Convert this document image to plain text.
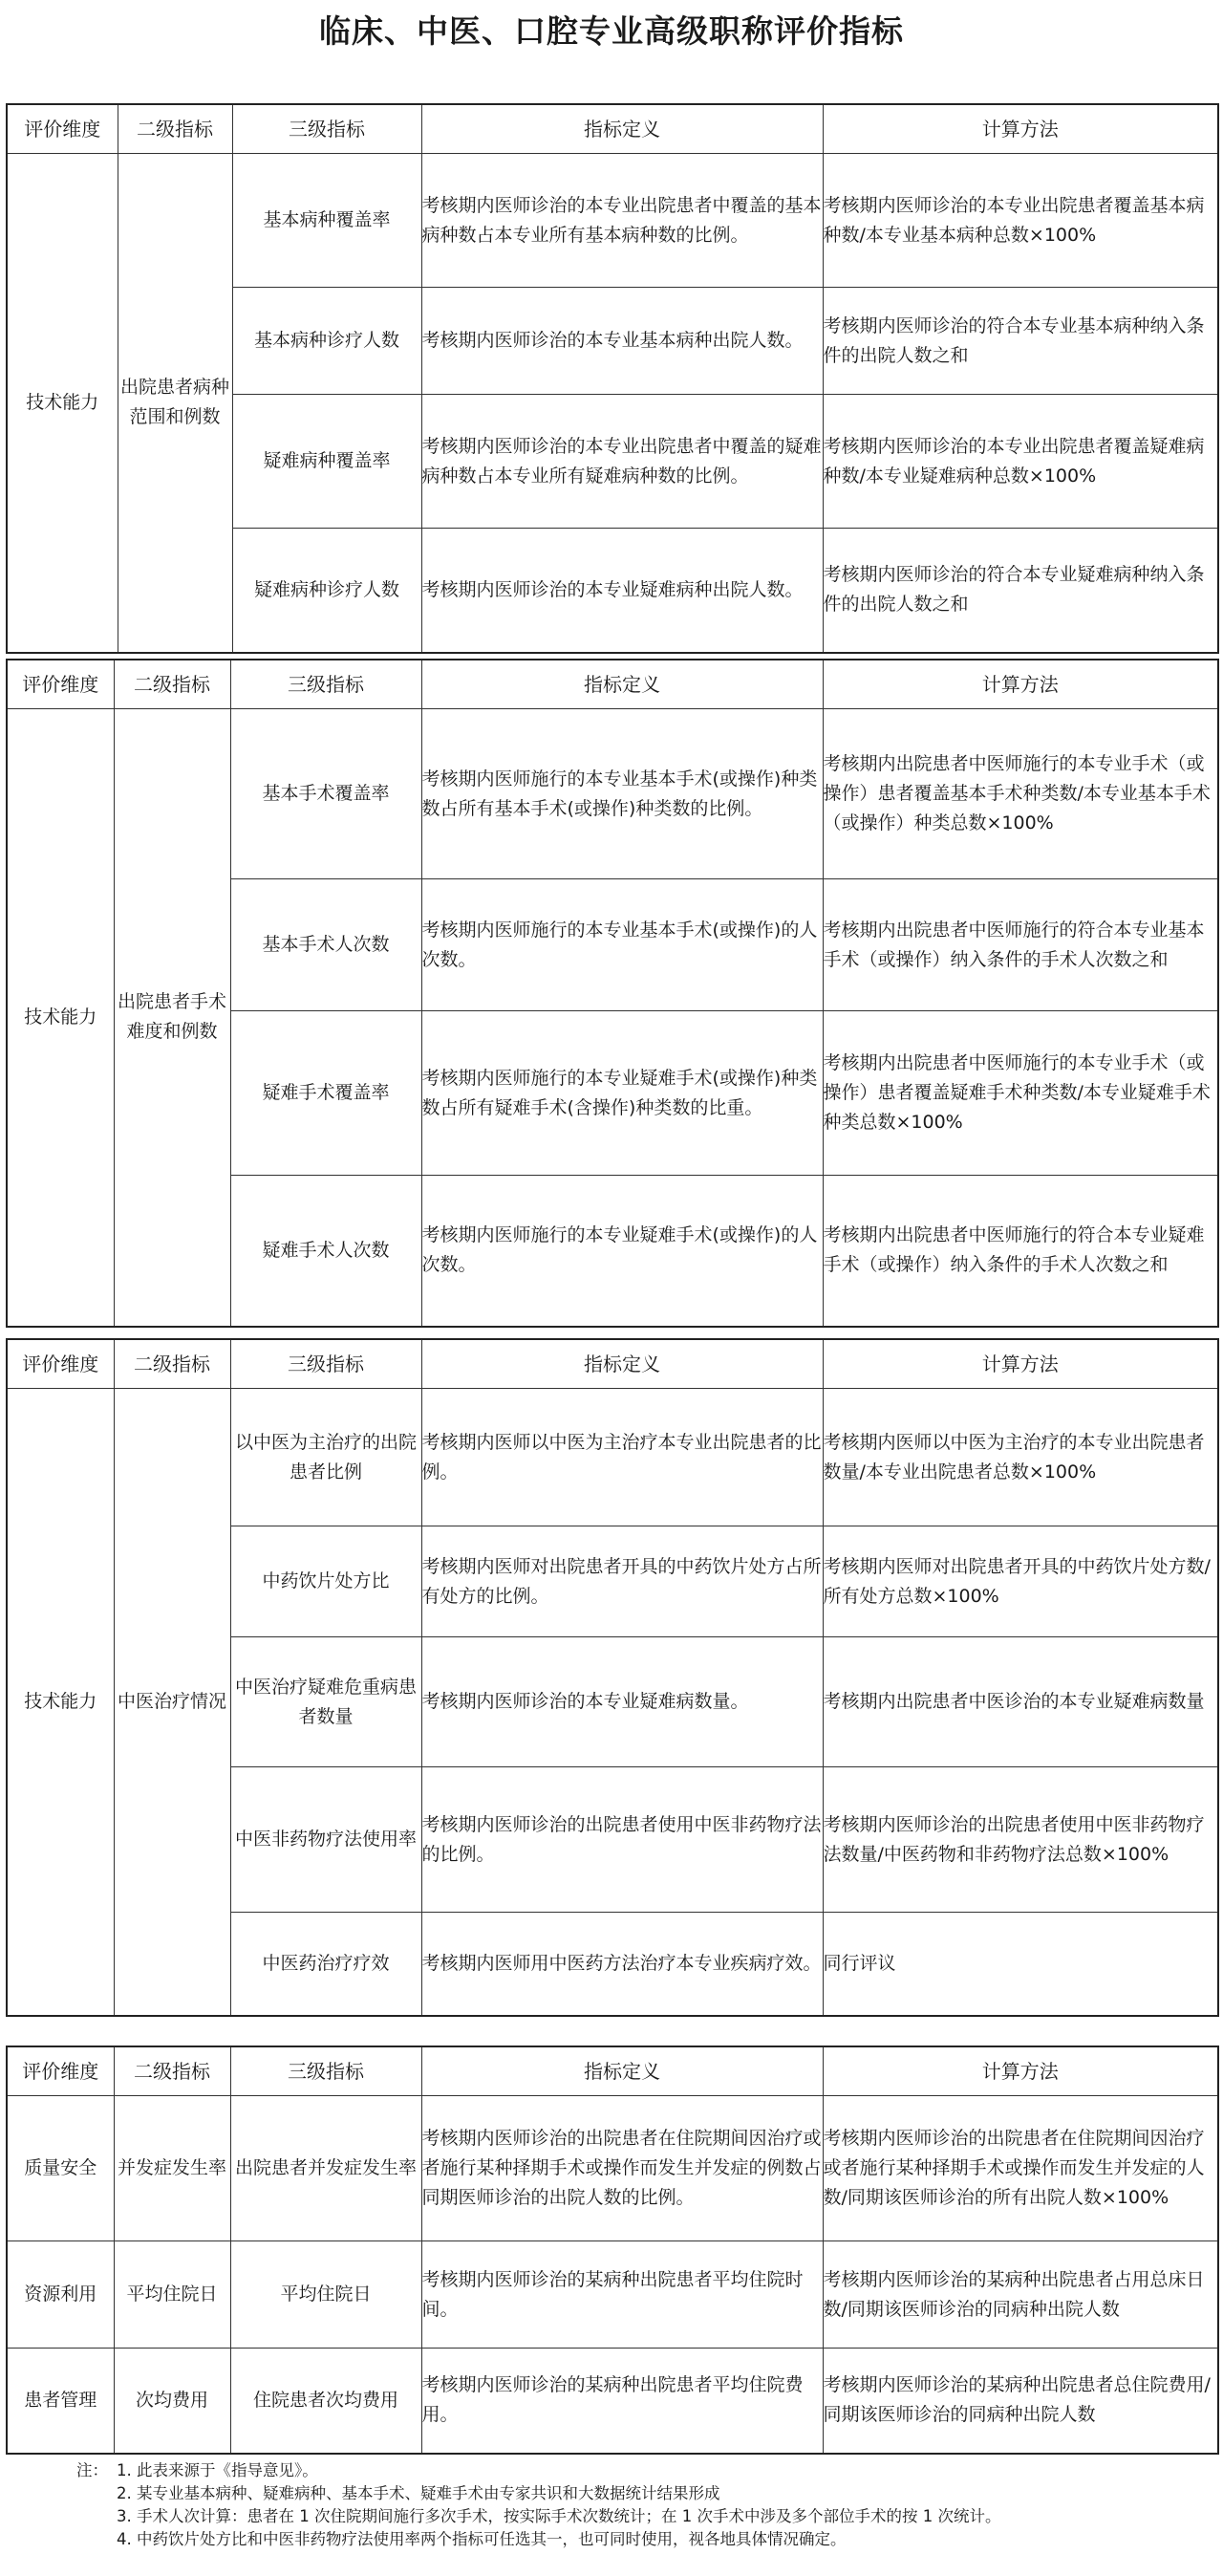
临床、中医、口腔专业高级职称评价指标
评价维度	二级指标	三级指标	指标定义	计算方法
技术能力	出院患者病种范围和例数	基本病种覆盖率	考核期内医师诊治的本专业出院患者中覆盖的基本病种数占本专业所有基本病种数的比例。	考核期内医师诊治的本专业出院患者覆盖基本病种数/本专业基本病种总数×100%
		基本病种诊疗人数	考核期内医师诊治的本专业基本病种出院人数。	考核期内医师诊治的符合本专业基本病种纳入条件的出院人数之和
		疑难病种覆盖率	考核期内医师诊治的本专业出院患者中覆盖的疑难病种数占本专业所有疑难病种数的比例。	考核期内医师诊治的本专业出院患者覆盖疑难病种数/本专业疑难病种总数×100%
		疑难病种诊疗人数	考核期内医师诊治的本专业疑难病种出院人数。	考核期内医师诊治的符合本专业疑难病种纳入条件的出院人数之和
评价维度	二级指标	三级指标	指标定义	计算方法
技术能力	出院患者手术难度和例数	基本手术覆盖率	考核期内医师施行的本专业基本手术(或操作)种类数占所有基本手术(或操作)种类数的比例。	考核期内出院患者中医师施行的本专业手术（或操作）患者覆盖基本手术种类数/本专业基本手术（或操作）种类总数×100%
		基本手术人次数	考核期内医师施行的本专业基本手术(或操作)的人次数。	考核期内出院患者中医师施行的符合本专业基本手术（或操作）纳入条件的手术人次数之和
		疑难手术覆盖率	考核期内医师施行的本专业疑难手术(或操作)种类数占所有疑难手术(含操作)种类数的比重。	考核期内出院患者中医师施行的本专业手术（或操作）患者覆盖疑难手术种类数/本专业疑难手术种类总数×100%
		疑难手术人次数	考核期内医师施行的本专业疑难手术(或操作)的人次数。	考核期内出院患者中医师施行的符合本专业疑难手术（或操作）纳入条件的手术人次数之和
评价维度	二级指标	三级指标	指标定义	计算方法
技术能力	中医治疗情况	以中医为主治疗的出院患者比例	考核期内医师以中医为主治疗本专业出院患者的比例。	考核期内医师以中医为主治疗的本专业出院患者数量/本专业出院患者总数×100%
		中药饮片处方比	考核期内医师对出院患者开具的中药饮片处方占所有处方的比例。	考核期内医师对出院患者开具的中药饮片处方数/所有处方总数×100%
		中医治疗疑难危重病患者数量	考核期内医师诊治的本专业疑难病数量。	考核期内出院患者中医诊治的本专业疑难病数量
		中医非药物疗法使用率	考核期内医师诊治的出院患者使用中医非药物疗法的比例。	考核期内医师诊治的出院患者使用中医非药物疗法数量/中医药物和非药物疗法总数×100%
		中医药治疗疗效	考核期内医师用中医药方法治疗本专业疾病疗效。	同行评议
评价维度	二级指标	三级指标	指标定义	计算方法
质量安全	并发症发生率	出院患者并发症发生率	考核期内医师诊治的出院患者在住院期间因治疗或者施行某种择期手术或操作而发生并发症的例数占同期医师诊治的出院人数的比例。	考核期内医师诊治的出院患者在住院期间因治疗或者施行某种择期手术或操作而发生并发症的人数/同期该医师诊治的所有出院人数×100%
资源利用	平均住院日	平均住院日	考核期内医师诊治的某病种出院患者平均住院时间。	考核期内医师诊治的某病种出院患者占用总床日数/同期该医师诊治的同病种出院人数
患者管理	次均费用	住院患者次均费用	考核期内医师诊治的某病种出院患者平均住院费用。	考核期内医师诊治的某病种出院患者总住院费用/同期该医师诊治的同病种出院人数
注： 1. 此表来源于《指导意见》。
2. 某专业基本病种、疑难病种、基本手术、疑难手术由专家共识和大数据统计结果形成
3. 手术人次计算：患者在 1 次住院期间施行多次手术，按实际手术次数统计；在 1 次手术中涉及多个部位手术的按 1 次统计。
4. 中药饮片处方比和中医非药物疗法使用率两个指标可任选其一，也可同时使用，视各地具体情况确定。
